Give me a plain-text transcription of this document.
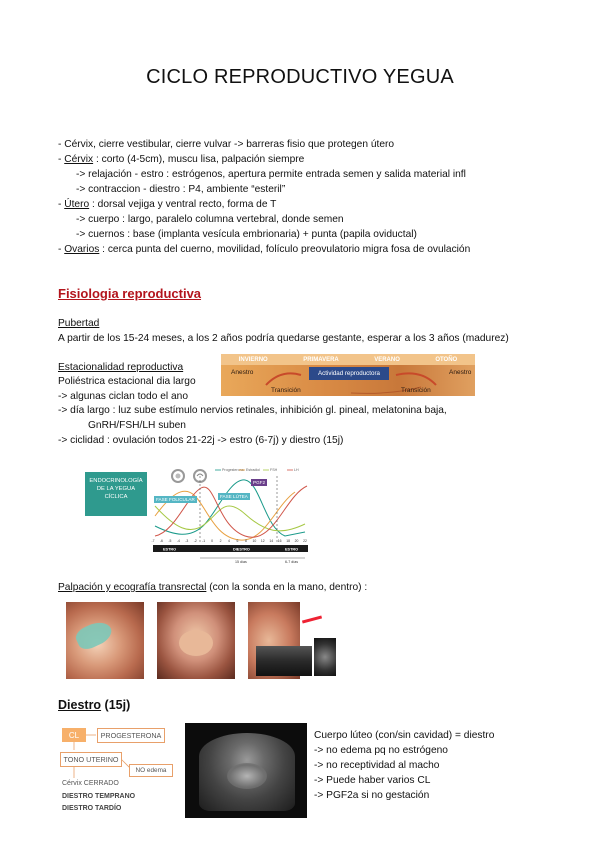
CICLO REPRODUCTIVO YEGUA
- Cérvix, cierre vestibular, cierre vulvar -> barreras fisio que protegen útero
- Cérvix : corto (4-5cm), muscu lisa, palpación siempre
-> relajación - estro : estrógenos, apertura permite entrada semen y salida material infl
-> contraccion - diestro : P4, ambiente “esteril”
- Útero : dorsal vejiga y ventral recto, forma de T
-> cuerpo : largo, paralelo columna vertebral, donde semen
-> cuernos : base (implanta vesícula embrionaria) + punta (papila oviductal)
- Ovarios : cerca punta del cuerno, movilidad, folículo preovulatorio migra fosa de ovulación
Fisiologia reproductiva
Pubertad
A partir de los 15-24 meses, a los 2 años podría quedarse gestante, esperar a los 3 años (madurez)
Estacionalidad reproductiva
Poliéstrica estacional dia largo
-> algunas ciclan todo el ano
-> día largo : luz sube estímulo nervios retinales, inhibición gl. pineal, melatonina baja,
GnRH/FSH/LH suben
-> ciclidad : ovulación todos 21-22j -> estro (6-7j) y diestro (15j)
INVIERNO	PRIMAVERA	VERANO	OTOÑO
Anestro	Anestro
Actividad reproductora
Transición	Transición
ENDOCRINOLOGÍA DE LA YEGUA CÍCLICA
Progesterona Estradiol	FSH	LH
-7 -6 -5 -4 -3 -2 -1 0 2 4 6 8 10 12 14 16 18 20 22
ESTRO	DIESTRO	ESTRO
15 días	6-7 días
FASE FOLICULAR
FASE LÚTEA
PGF2
Palpación y ecografía transrectal (con la sonda en la mano, dentro) :
Diestro (15j)
CL	PROGESTERONA
TONO UTERINO
NO edema
Cérvix CERRADO
DIESTRO TEMPRANO
DIESTRO TARDÍO
Cuerpo lúteo (con/sin cavidad) = diestro
-> no edema pq no estrógeno
-> no receptividad al macho
-> Puede haber varios CL
-> PGF2a si no gestación
